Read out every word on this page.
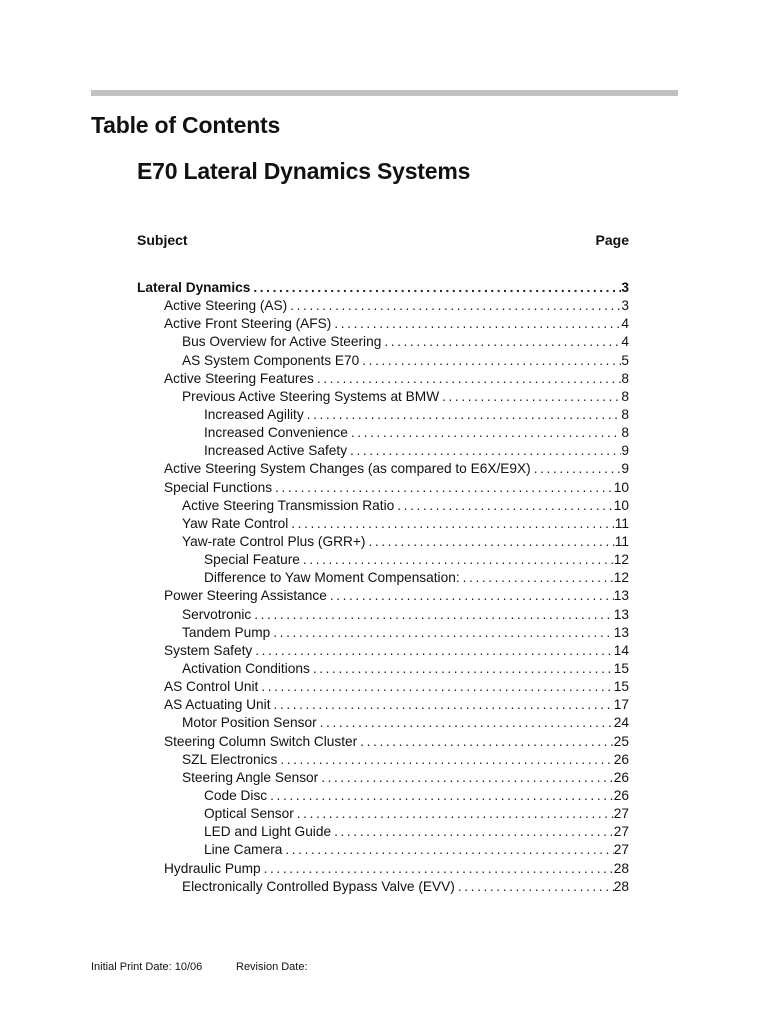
Table of Contents
E70 Lateral Dynamics Systems
Subject	Page
Lateral Dynamics . . .	3
Active Steering (AS) . . .	3
Active Front Steering (AFS) . . .	4
Bus Overview for Active Steering . . .	4
AS System Components E70 . . .	5
Active Steering Features . . .	8
Previous Active Steering Systems at BMW . . .	8
Increased Agility . . .	8
Increased Convenience . . .	8
Increased Active Safety . . .	9
Active Steering System Changes (as compared to E6X/E9X) . . .	9
Special Functions . . .	10
Active Steering Transmission Ratio . . .	10
Yaw Rate Control . . .	11
Yaw-rate Control Plus (GRR+) . . .	11
Special Feature . . .	12
Difference to Yaw Moment Compensation: . . .	12
Power Steering Assistance . . .	13
Servotronic . . .	13
Tandem Pump . . .	13
System Safety . . .	14
Activation Conditions . . .	15
AS Control Unit . . .	15
AS Actuating Unit . . .	17
Motor Position Sensor . . .	24
Steering Column Switch Cluster . . .	25
SZL Electronics . . .	26
Steering Angle Sensor . . .	26
Code Disc . . .	26
Optical Sensor . . .	27
LED and Light Guide . . .	27
Line Camera . . .	27
Hydraulic Pump . . .	28
Electronically Controlled Bypass Valve (EVV) . . .	28
Initial Print Date: 10/06	Revision Date:
